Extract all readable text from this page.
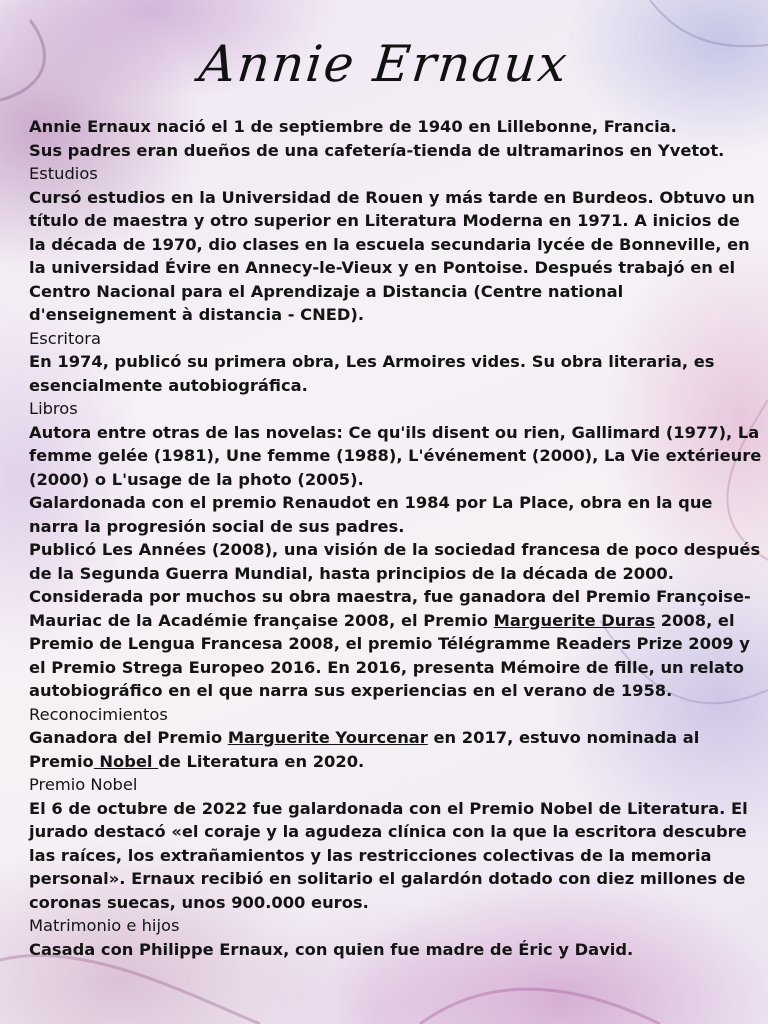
Annie Ernaux
Annie Ernaux nació el 1 de septiembre de 1940 en Lillebonne, Francia.
Sus padres eran dueños de una cafetería-tienda de ultramarinos en Yvetot.
Estudios
Cursó estudios en la Universidad de Rouen y más tarde en Burdeos. Obtuvo un
título de maestra y otro superior en Literatura Moderna en 1971. A inicios de
la década de 1970, dio clases en la escuela secundaria lycée de Bonneville, en
la universidad Évire en Annecy-le-Vieux y en Pontoise. Después trabajó en el
Centro Nacional para el Aprendizaje a Distancia (Centre national
d'enseignement à distancia - CNED).
Escritora
En 1974, publicó su primera obra, Les Armoires vides. Su obra literaria, es
esencialmente autobiográfica.
Libros
Autora entre otras de las novelas: Ce qu'ils disent ou rien, Gallimard (1977), La
femme gelée (1981), Une femme (1988), L'événement (2000), La Vie extérieure
(2000) o L'usage de la photo (2005).
Galardonada con el premio Renaudot en 1984 por La Place, obra en la que
narra la progresión social de sus padres.
Publicó Les Années (2008), una visión de la sociedad francesa de poco después
de la Segunda Guerra Mundial, hasta principios de la década de 2000.
Considerada por muchos su obra maestra, fue ganadora del Premio Françoise-
Mauriac de la Académie française 2008, el Premio Marguerite Duras 2008, el
Premio de Lengua Francesa 2008, el premio Télégramme Readers Prize 2009 y
el Premio Strega Europeo 2016. En 2016, presenta Mémoire de fille, un relato
autobiográfico en el que narra sus experiencias en el verano de 1958.
Reconocimientos
Ganadora del Premio Marguerite Yourcenar en 2017, estuvo nominada al
Premio Nobel de Literatura en 2020.
Premio Nobel
El 6 de octubre de 2022 fue galardonada con el Premio Nobel de Literatura. El
jurado destacó «el coraje y la agudeza clínica con la que la escritora descubre
las raíces, los extrañamientos y las restricciones colectivas de la memoria
personal». Ernaux recibió en solitario el galardón dotado con diez millones de
coronas suecas, unos 900.000 euros.
Matrimonio e hijos
Casada con Philippe Ernaux, con quien fue madre de Éric y David.
